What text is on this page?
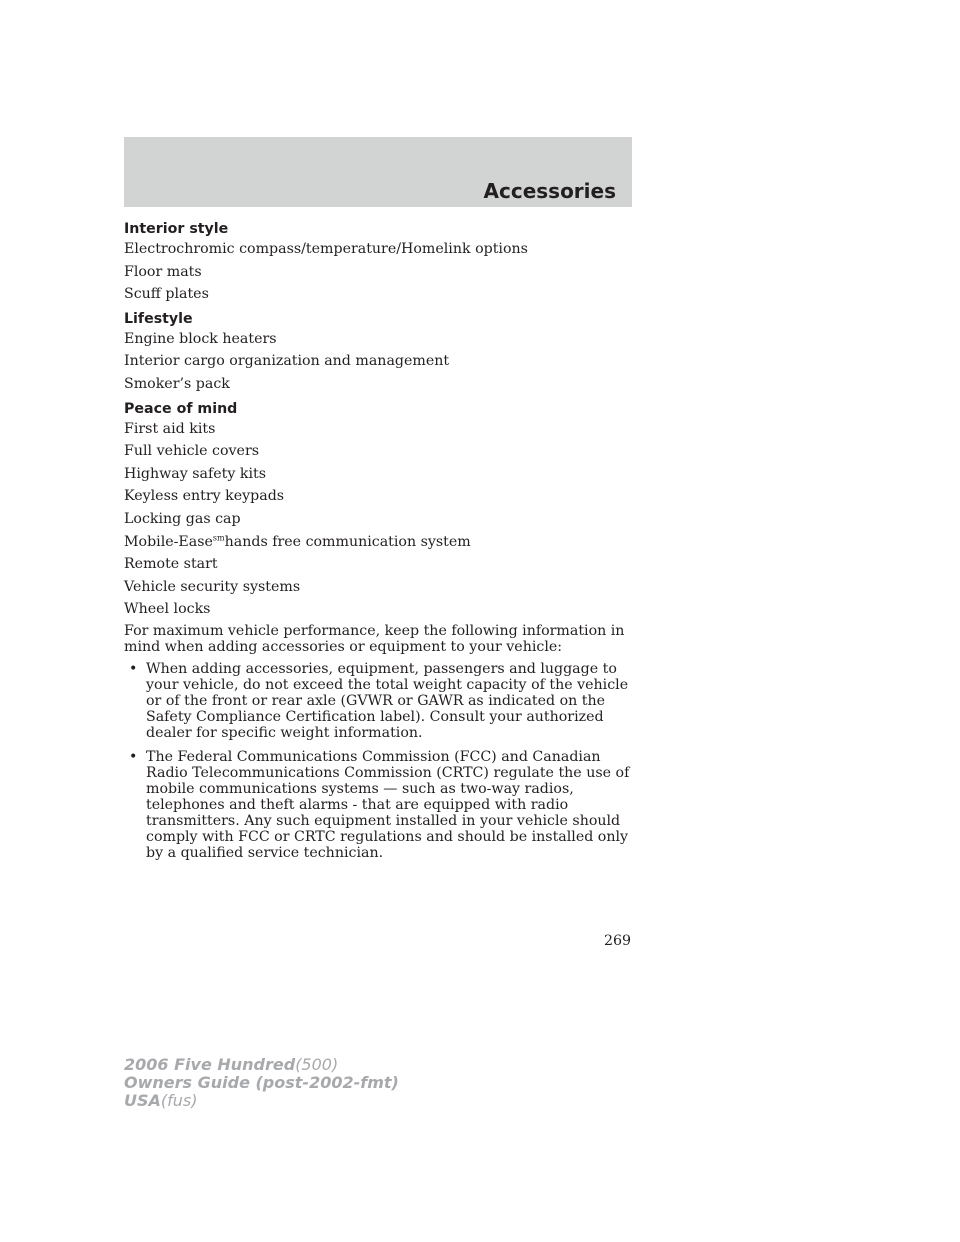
Accessories

Interior style

Electrochromic compass/temperature/Homelink options

Floor mats

Scuff plates

Lifestyle

Engine block heaters

Interior cargo organization and management

Smoker’s pack

Peace of mind

First aid kits

Full vehicle covers

Highway safety kits

Keyless entry keypads

Locking gas cap

Mobile-Ease$^{sm}$hands free communication system

Remote start

Vehicle security systems

Wheel locks

For maximum vehicle performance, keep the following information in mind when adding accessories or equipment to your vehicle:

• When adding accessories, equipment, passengers and luggage to your vehicle, do not exceed the total weight capacity of the vehicle or of the front or rear axle (GVWR or GAWR as indicated on the Safety Compliance Certification label). Consult your authorized dealer for specific weight information.
• The Federal Communications Commission (FCC) and Canadian Radio Telecommunications Commission (CRTC) regulate the use of mobile communications systems — such as two-way radios, telephones and theft alarms - that are equipped with radio transmitters. Any such equipment installed in your vehicle should comply with FCC or CRTC regulations and should be installed only by a qualified service technician.

269

2006 Five Hundred(500)
Owners Guide (post-2002-fmt)
USA(fus)
